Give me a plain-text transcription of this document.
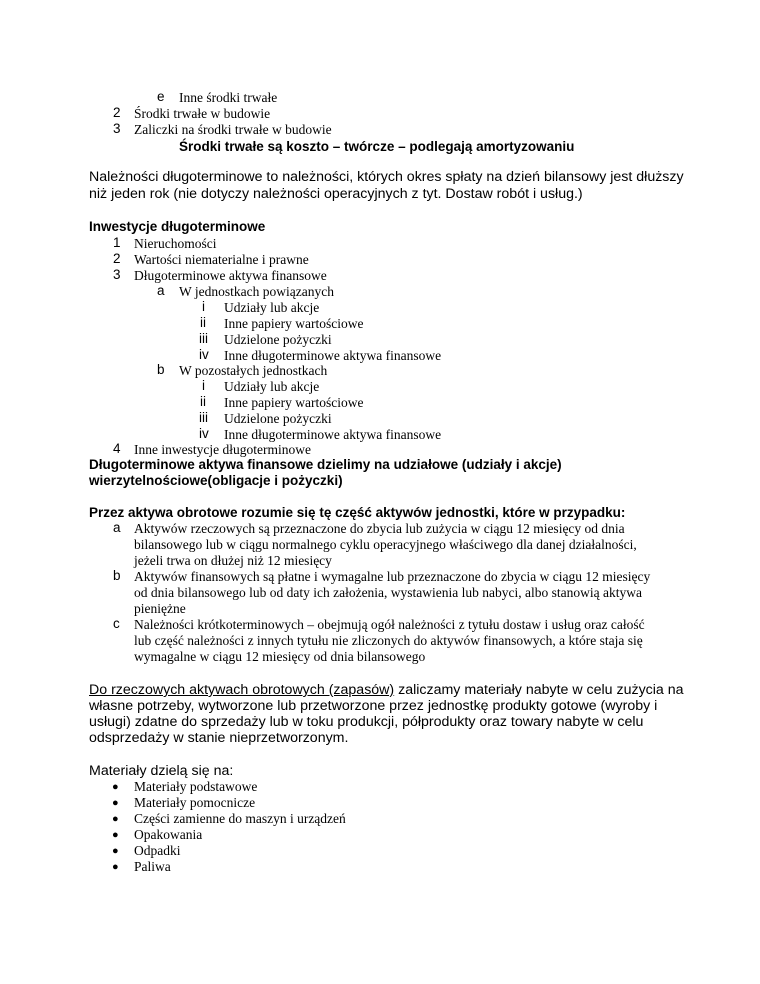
e Inne środki trwałe
2 Środki trwałe w budowie
3 Zaliczki na środki trwałe w budowie
Środki trwałe są koszto – twórcze – podlegają amortyzowaniu
Należności długoterminowe to należności, których okres spłaty na dzień bilansowy jest dłuższy
niż jeden rok (nie dotyczy należności operacyjnych z tyt. Dostaw robót i usług.)
Inwestycje długoterminowe
1 Nieruchomości
2 Wartości niematerialne i prawne
3 Długoterminowe aktywa finansowe
a W jednostkach powiązanych
i Udziały lub akcje
ii Inne papiery wartościowe
iii Udzielone pożyczki
iv Inne długoterminowe aktywa finansowe
b W pozostałych jednostkach
i Udziały lub akcje
ii Inne papiery wartościowe
iii Udzielone pożyczki
iv Inne długoterminowe aktywa finansowe
4 Inne inwestycje długoterminowe
Długoterminowe aktywa finansowe dzielimy na udziałowe (udziały i akcje)
wierzytelnościowe(obligacje i pożyczki)
Przez aktywa obrotowe rozumie się tę część aktywów jednostki, które w przypadku:
a Aktywów rzeczowych są przeznaczone do zbycia lub zużycia w ciągu 12 miesięcy od dnia
bilansowego lub w ciągu normalnego cyklu operacyjnego właściwego dla danej działalności,
jeżeli trwa on dłużej niż 12 miesięcy
b Aktywów finansowych są płatne i wymagalne lub przeznaczone do zbycia w ciągu 12 miesięcy
od dnia bilansowego lub od daty ich założenia, wystawienia lub nabyci, albo stanowią aktywa
pieniężne
c Należności krótkoterminowych – obejmują ogół należności z tytułu dostaw i usług oraz całość
lub część należności z innych tytułu nie zliczonych do aktywów finansowych, a które staja się
wymagalne w ciągu 12 miesięcy od dnia bilansowego
Do rzeczowych aktywach obrotowych (zapasów) zaliczamy materiały nabyte w celu zużycia na
własne potrzeby, wytworzone lub przetworzone przez jednostkę produkty gotowe (wyroby i
usługi) zdatne do sprzedaży lub w toku produkcji, półprodukty oraz towary nabyte w celu
odsprzedaży w stanie nieprzetworzonym.
Materiały dzielą się na:
● Materiały podstawowe
● Materiały pomocnicze
● Części zamienne do maszyn i urządzeń
● Opakowania
● Odpadki
● Paliwa
